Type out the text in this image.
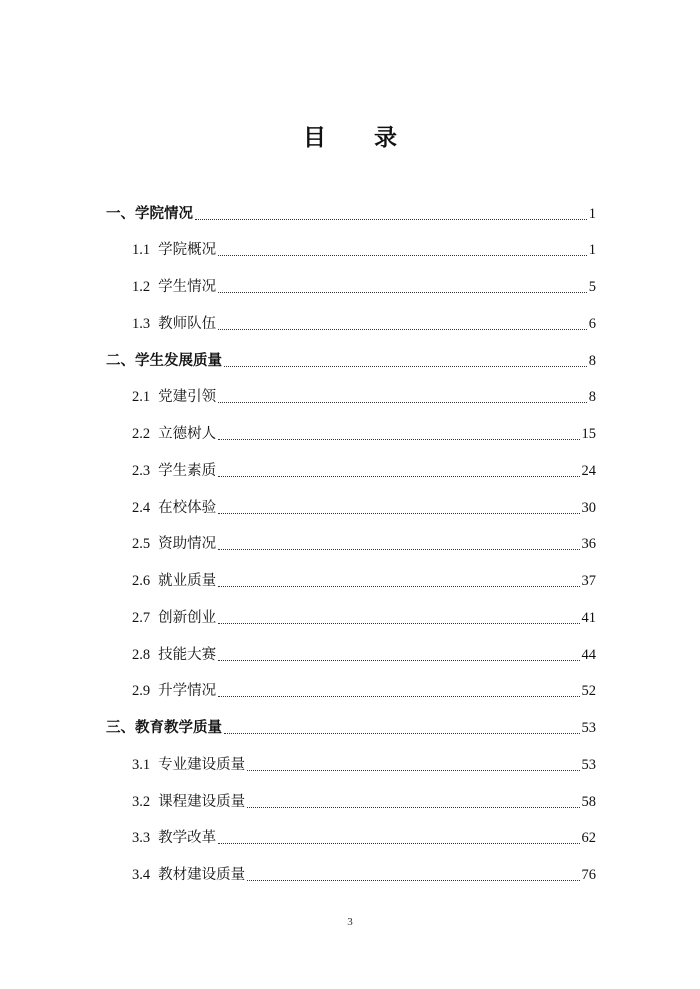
目 录
一、 学院情况	1
1.1 学院概况	1
1.2 学生情况	5
1.3 教师队伍	6
二、 学生发展质量	8
2.1 党建引领	8
2.2 立德树人	15
2.3 学生素质	24
2.4 在校体验	30
2.5 资助情况	36
2.6 就业质量	37
2.7 创新创业	41
2.8 技能大赛	44
2.9 升学情况	52
三、 教育教学质量	53
3.1 专业建设质量	53
3.2 课程建设质量	58
3.3 教学改革	62
3.4 教材建设质量	76
3
